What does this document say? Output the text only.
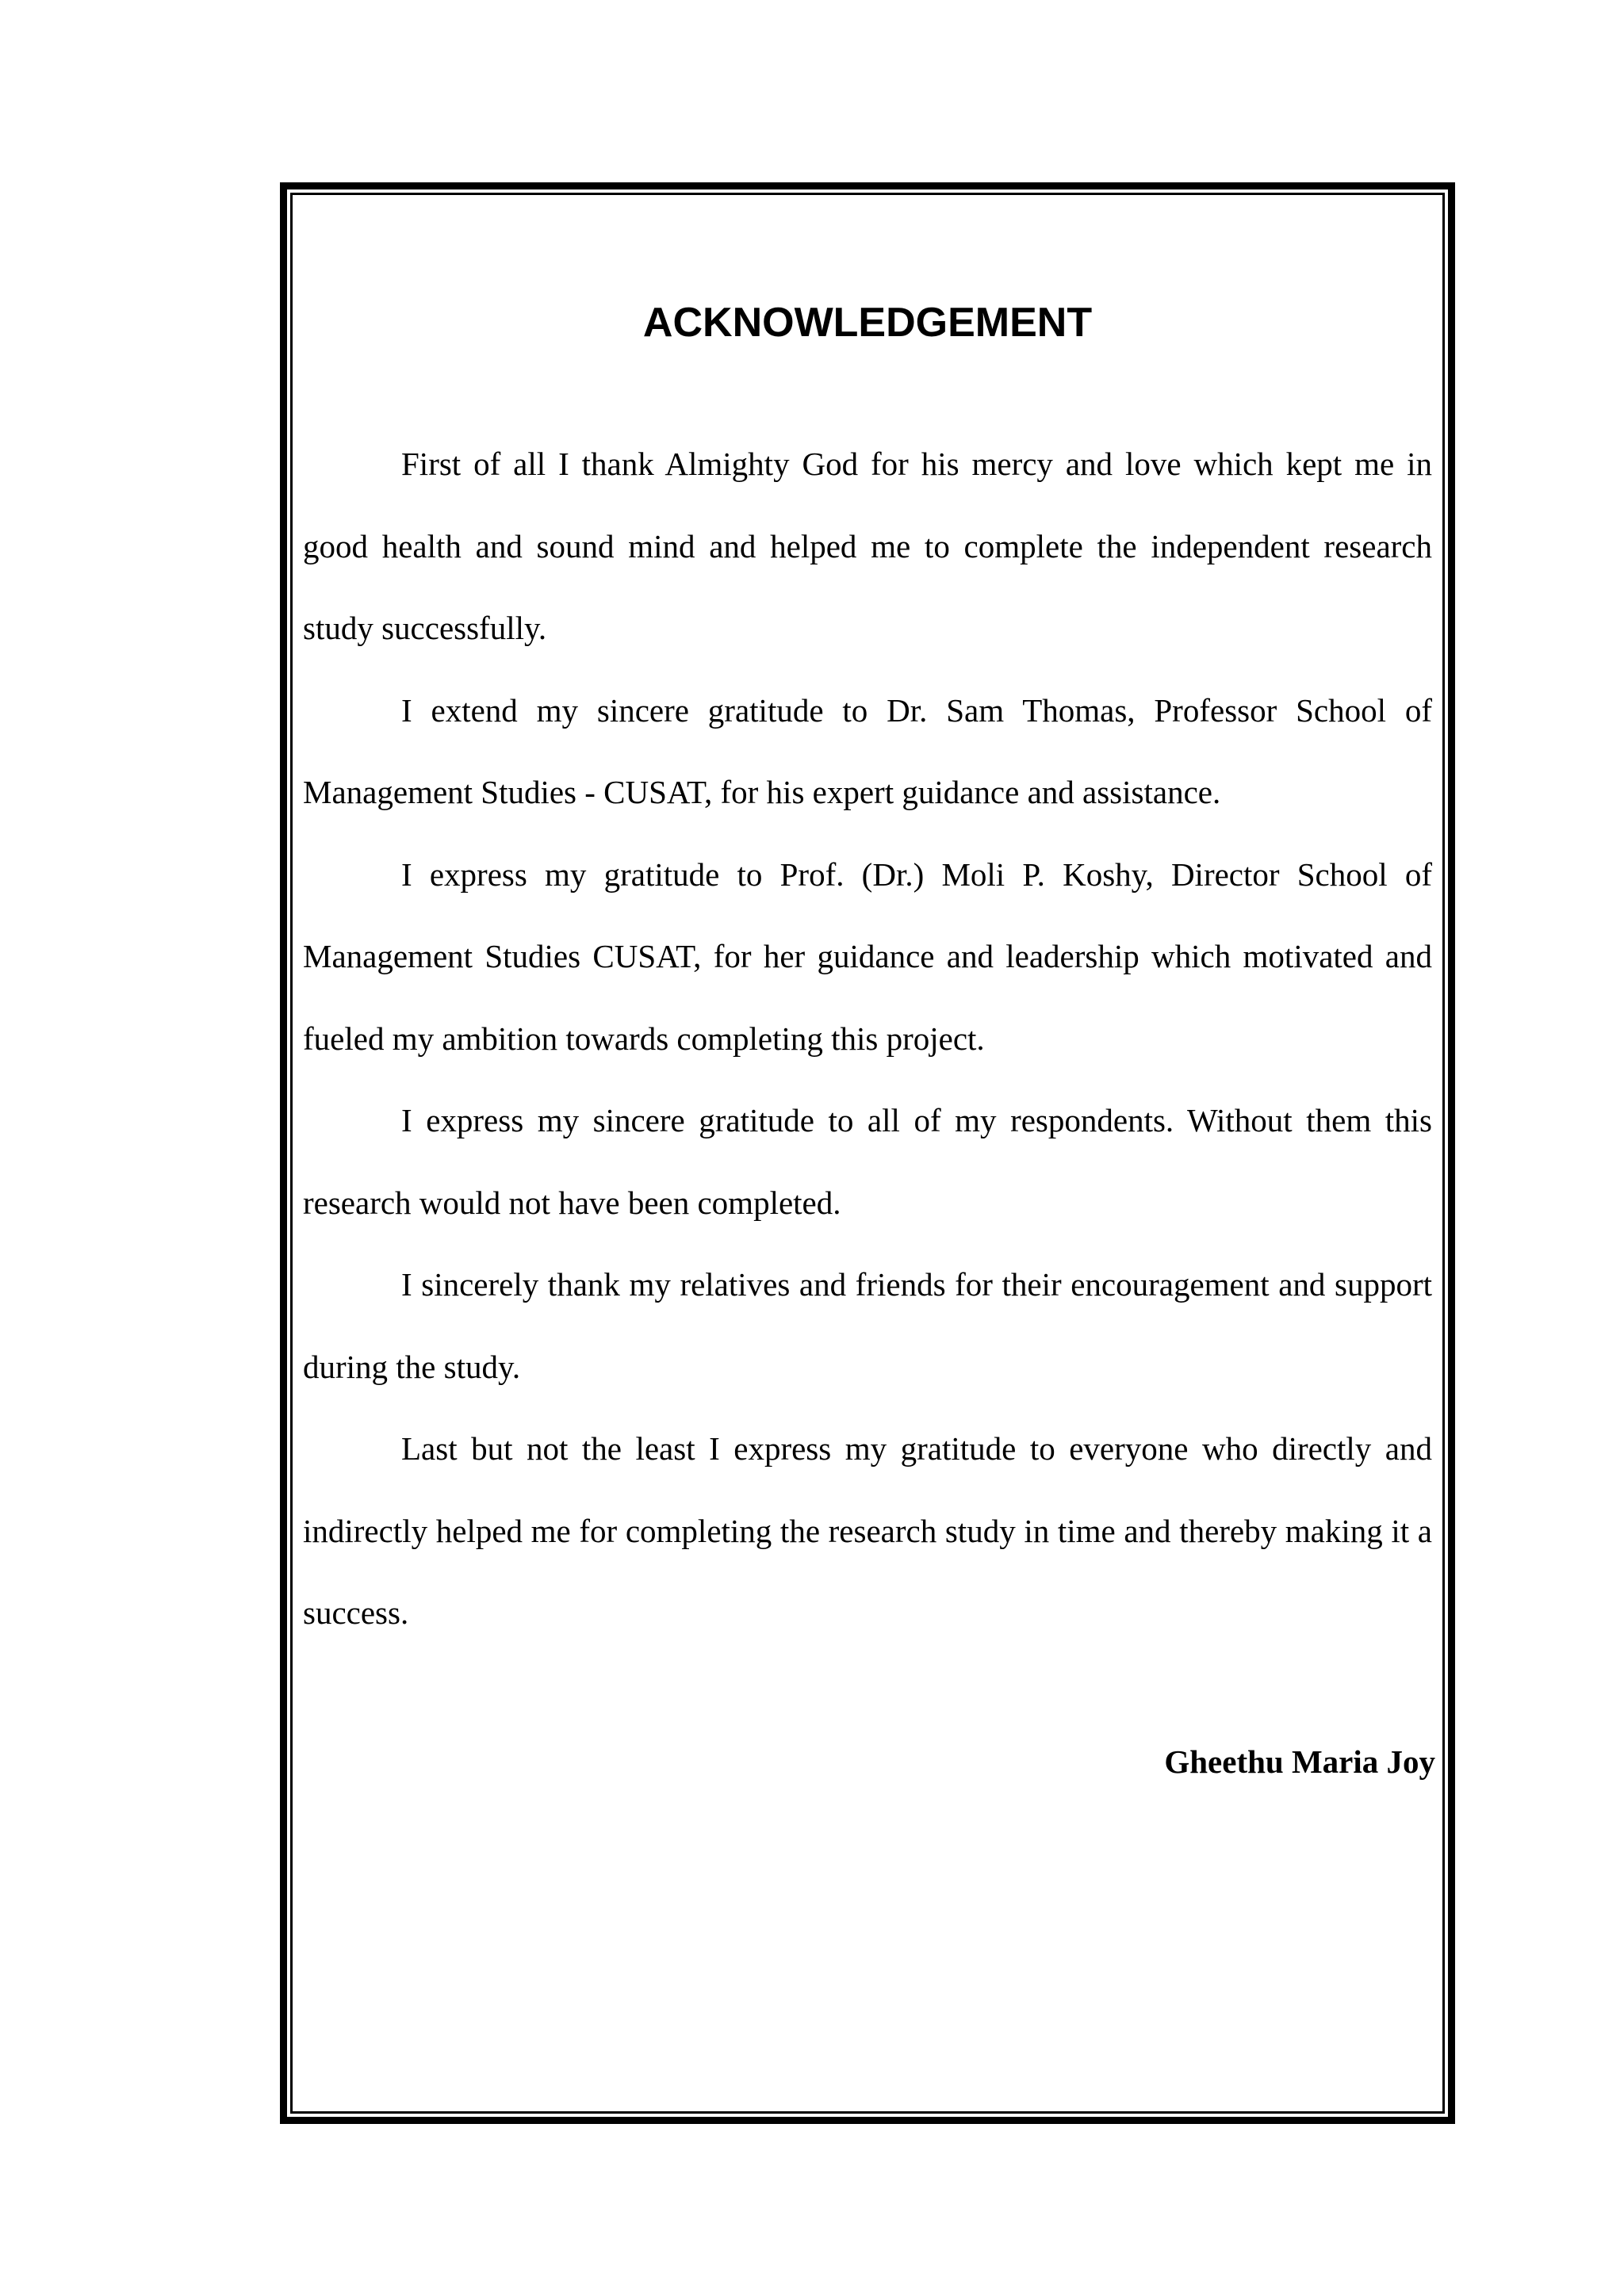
ACKNOWLEDGEMENT

First of all I thank Almighty God for his mercy and love which kept me in good health and sound mind and helped me to complete the independent research study successfully.

I extend my sincere gratitude to Dr. Sam Thomas, Professor School of Management Studies - CUSAT, for his expert guidance and assistance.

I express my gratitude to Prof. (Dr.) Moli P. Koshy, Director School of Management Studies CUSAT, for her guidance and leadership which motivated and fueled my ambition towards completing this project.

I express my sincere gratitude to all of my respondents. Without them this research would not have been completed.

I sincerely thank my relatives and friends for their encouragement and support during the study.

Last but not the least I express my gratitude to everyone who directly and indirectly helped me for completing the research study in time and thereby making it a success.

Gheethu Maria Joy
